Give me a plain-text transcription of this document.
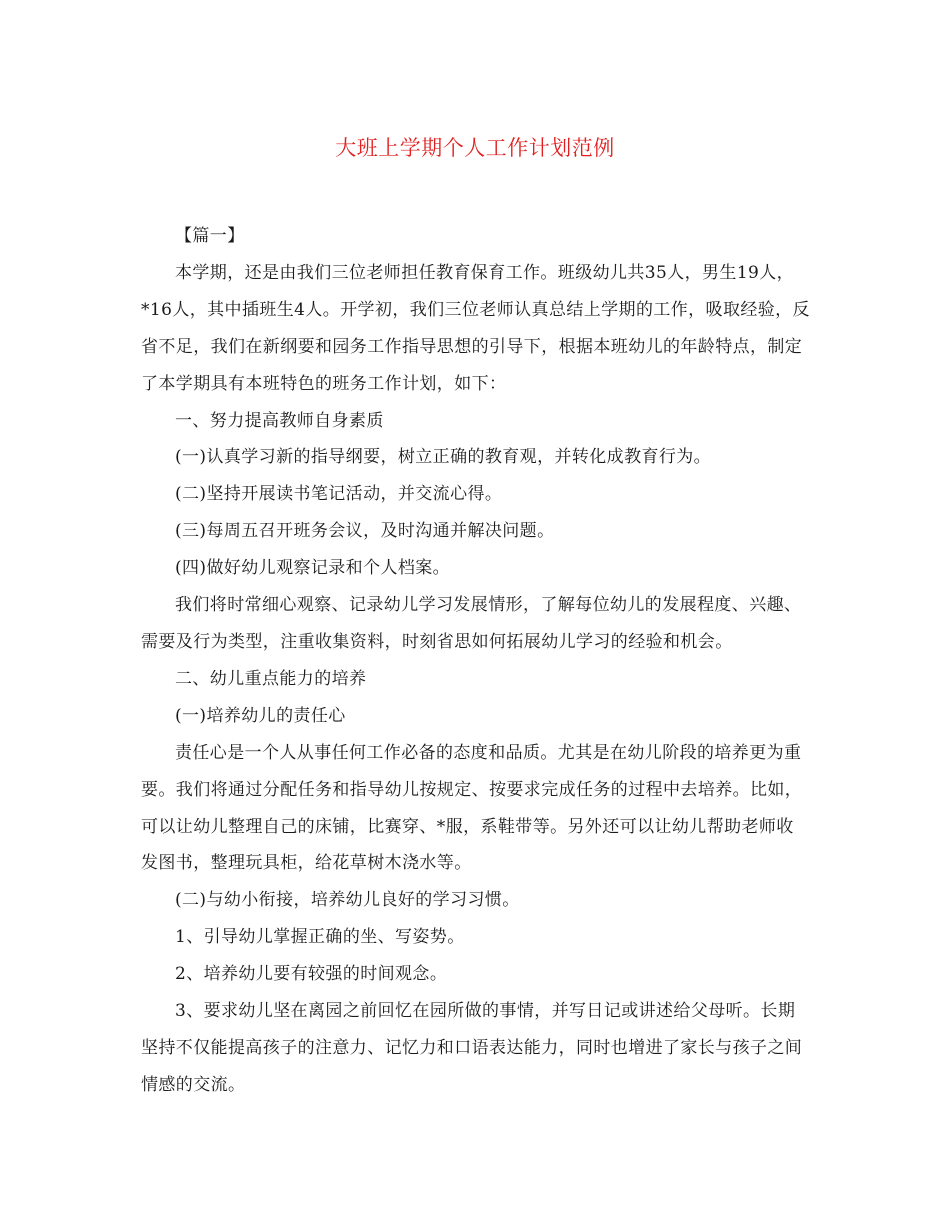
大班上学期个人工作计划范例

【篇一】

本学期，还是由我们三位老师担任教育保育工作。班级幼儿共35人，男生19人，*16人，其中插班生4人。开学初，我们三位老师认真总结上学期的工作，吸取经验，反省不足，我们在新纲要和园务工作指导思想的引导下，根据本班幼儿的年龄特点，制定了本学期具有本班特色的班务工作计划，如下：

一、努力提高教师自身素质

(一)认真学习新的指导纲要，树立正确的教育观，并转化成教育行为。

(二)坚持开展读书笔记活动，并交流心得。

(三)每周五召开班务会议，及时沟通并解决问题。

(四)做好幼儿观察记录和个人档案。

我们将时常细心观察、记录幼儿学习发展情形，了解每位幼儿的发展程度、兴趣、需要及行为类型，注重收集资料，时刻省思如何拓展幼儿学习的经验和机会。

二、幼儿重点能力的培养

(一)培养幼儿的责任心

责任心是一个人从事任何工作必备的态度和品质。尤其是在幼儿阶段的培养更为重要。我们将通过分配任务和指导幼儿按规定、按要求完成任务的过程中去培养。比如，可以让幼儿整理自己的床铺，比赛穿、*服，系鞋带等。另外还可以让幼儿帮助老师收发图书，整理玩具柜，给花草树木浇水等。

(二)与幼小衔接，培养幼儿良好的学习习惯。

1、引导幼儿掌握正确的坐、写姿势。

2、培养幼儿要有较强的时间观念。

3、要求幼儿坚在离园之前回忆在园所做的事情，并写日记或讲述给父母听。长期坚持不仅能提高孩子的注意力、记忆力和口语表达能力，同时也增进了家长与孩子之间情感的交流。
